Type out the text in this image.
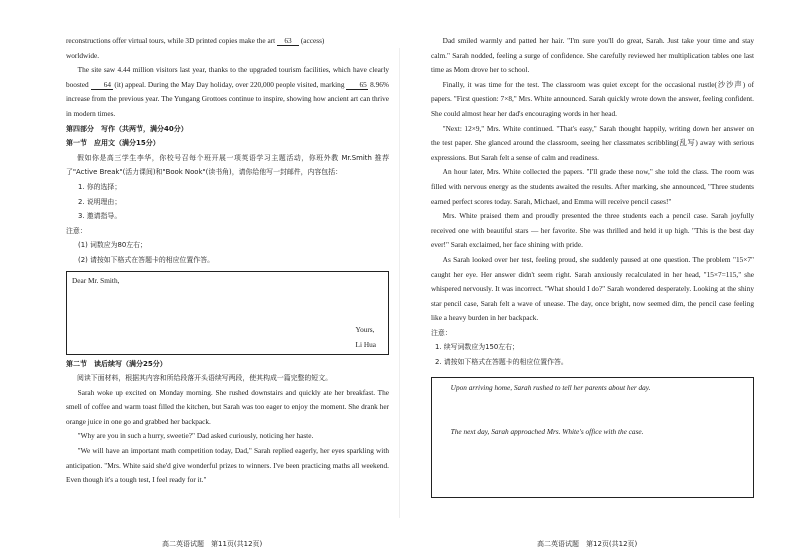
reconstructions offer virtual tours, while 3D printed copies make the art 63 (access)

worldwide.

The site saw 4.44 million visitors last year, thanks to the upgraded tourism facilities, which have clearly boosted 64 (it) appeal. During the May Day holiday, over 220,000 people visited, marking 65 8.96% increase from the previous year. The Yungang Grottoes continue to inspire, showing how ancient art can thrive in modern times.

第四部分　写作（共两节，满分40分）

第一节　应用文（满分15分）

假如你是高三学生李华，你校号召每个班开展一项英语学习主题活动，你班外教 Mr.Smith 推荐了"Active Break"(活力课间)和"Book Nook"(读书角)，请你给他写一封邮件，内容包括：

1. 你的选择；

2. 说明理由；

3. 邀请指导。

注意：

(1) 词数应为80左右；

(2) 请按如下格式在答题卡的相应位置作答。

Dear Mr. Smith,
Yours,
Li Hua

第二节　读后续写（满分25分）

阅读下面材料，根据其内容和所给段落开头语续写两段，使其构成一篇完整的短文。

Sarah woke up excited on Monday morning. She rushed downstairs and quickly ate her breakfast. The smell of coffee and warm toast filled the kitchen, but Sarah was too eager to enjoy the moment. She drank her orange juice in one go and grabbed her backpack.

"Why are you in such a hurry, sweetie?" Dad asked curiously, noticing her haste.

"We will have an important math competition today, Dad," Sarah replied eagerly, her eyes sparkling with anticipation. "Mrs. White said she'd give wonderful prizes to winners. I've been practicing maths all weekend. Even though it's a tough test, I feel ready for it."

Dad smiled warmly and patted her hair. "I'm sure you'll do great, Sarah. Just take your time and stay calm." Sarah nodded, feeling a surge of confidence. She carefully reviewed her multiplication tables one last time as Mom drove her to school.

Finally, it was time for the test. The classroom was quiet except for the occasional rustle(沙沙声) of papers. "First question: 7×8," Mrs. White announced. Sarah quickly wrote down the answer, feeling confident. She could almost hear her dad's encouraging words in her head.

"Next: 12×9," Mrs. White continued. "That's easy," Sarah thought happily, writing down her answer on the test paper. She glanced around the classroom, seeing her classmates scribbling(乱写) away with serious expressions. But Sarah felt a sense of calm and readiness.

An hour later, Mrs. White collected the papers. "I'll grade these now," she told the class. The room was filled with nervous energy as the students awaited the results. After marking, she announced, "Three students earned perfect scores today. Sarah, Michael, and Emma will receive pencil cases!"

Mrs. White praised them and proudly presented the three students each a pencil case. Sarah joyfully received one with beautiful stars — her favorite. She was thrilled and held it up high. "This is the best day ever!" Sarah exclaimed, her face shining with pride.

As Sarah looked over her test, feeling proud, she suddenly paused at one question. The problem "15×7" caught her eye. Her answer didn't seem right. Sarah anxiously recalculated in her head, "15×7=115," she whispered nervously. It was incorrect. "What should I do?" Sarah wondered desperately. Looking at the shiny star pencil case, Sarah felt a wave of unease. The day, once bright, now seemed dim, the pencil case feeling like a heavy burden in her backpack.

注意：

1. 续写词数应为150左右；

2. 请按如下格式在答题卡的相应位置作答。

Upon arriving home, Sarah rushed to tell her parents about her day.

The next day, Sarah approached Mrs. White's office with the case.

高二英语试题　第11页(共12页)	高二英语试题　第12页(共12页)
